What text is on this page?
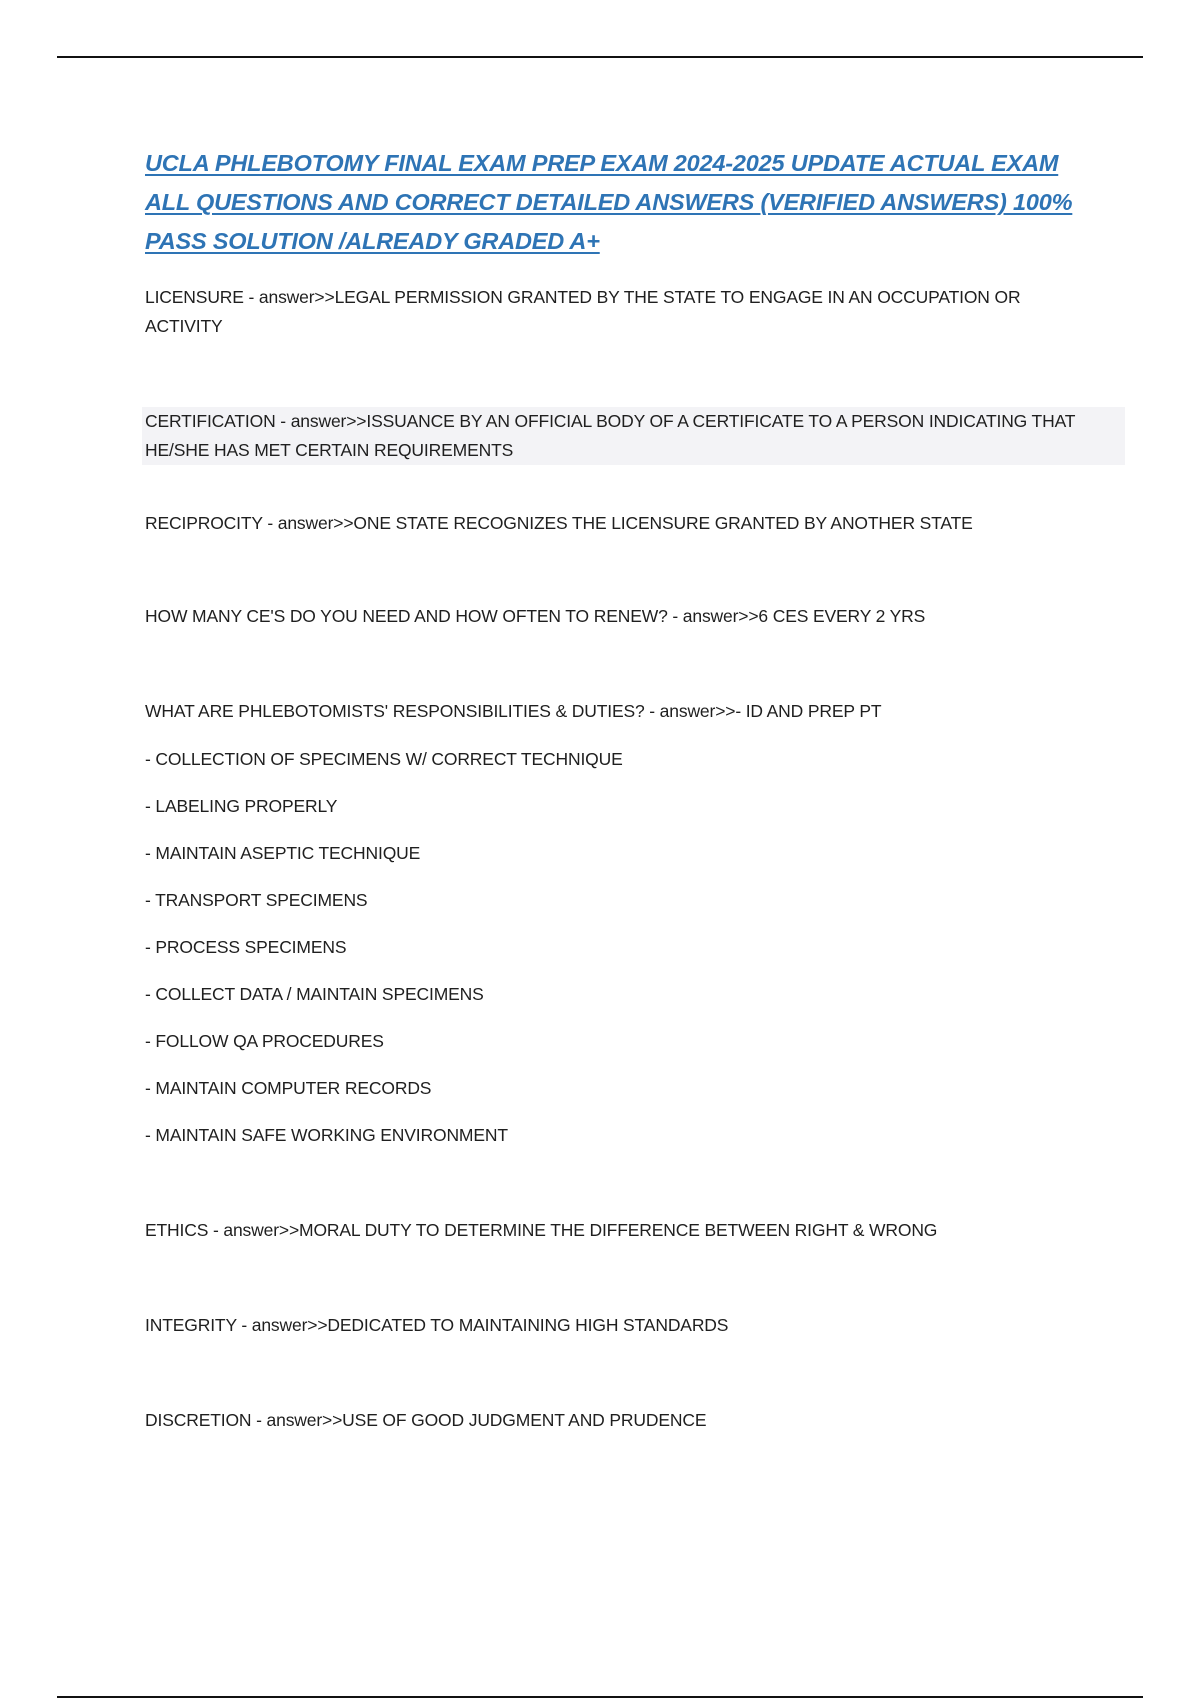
UCLA PHLEBOTOMY FINAL EXAM PREP EXAM 2024-2025 UPDATE ACTUAL EXAM ALL QUESTIONS AND CORRECT DETAILED ANSWERS (VERIFIED ANSWERS) 100% PASS SOLUTION /ALREADY GRADED A+
LICENSURE - answer>>LEGAL PERMISSION GRANTED BY THE STATE TO ENGAGE IN AN OCCUPATION OR ACTIVITY
CERTIFICATION - answer>>ISSUANCE BY AN OFFICIAL BODY OF A CERTIFICATE TO A PERSON INDICATING THAT HE/SHE HAS MET CERTAIN REQUIREMENTS
RECIPROCITY - answer>>ONE STATE RECOGNIZES THE LICENSURE GRANTED BY ANOTHER STATE
HOW MANY CE'S DO YOU NEED AND HOW OFTEN TO RENEW? - answer>>6 CES EVERY 2 YRS
WHAT ARE PHLEBOTOMISTS' RESPONSIBILITIES & DUTIES? - answer>>- ID AND PREP PT
- COLLECTION OF SPECIMENS W/ CORRECT TECHNIQUE
- LABELING PROPERLY
- MAINTAIN ASEPTIC TECHNIQUE
- TRANSPORT SPECIMENS
- PROCESS SPECIMENS
- COLLECT DATA / MAINTAIN SPECIMENS
- FOLLOW QA PROCEDURES
- MAINTAIN COMPUTER RECORDS
- MAINTAIN SAFE WORKING ENVIRONMENT
ETHICS - answer>>MORAL DUTY TO DETERMINE THE DIFFERENCE BETWEEN RIGHT & WRONG
INTEGRITY - answer>>DEDICATED TO MAINTAINING HIGH STANDARDS
DISCRETION - answer>>USE OF GOOD JUDGMENT AND PRUDENCE
